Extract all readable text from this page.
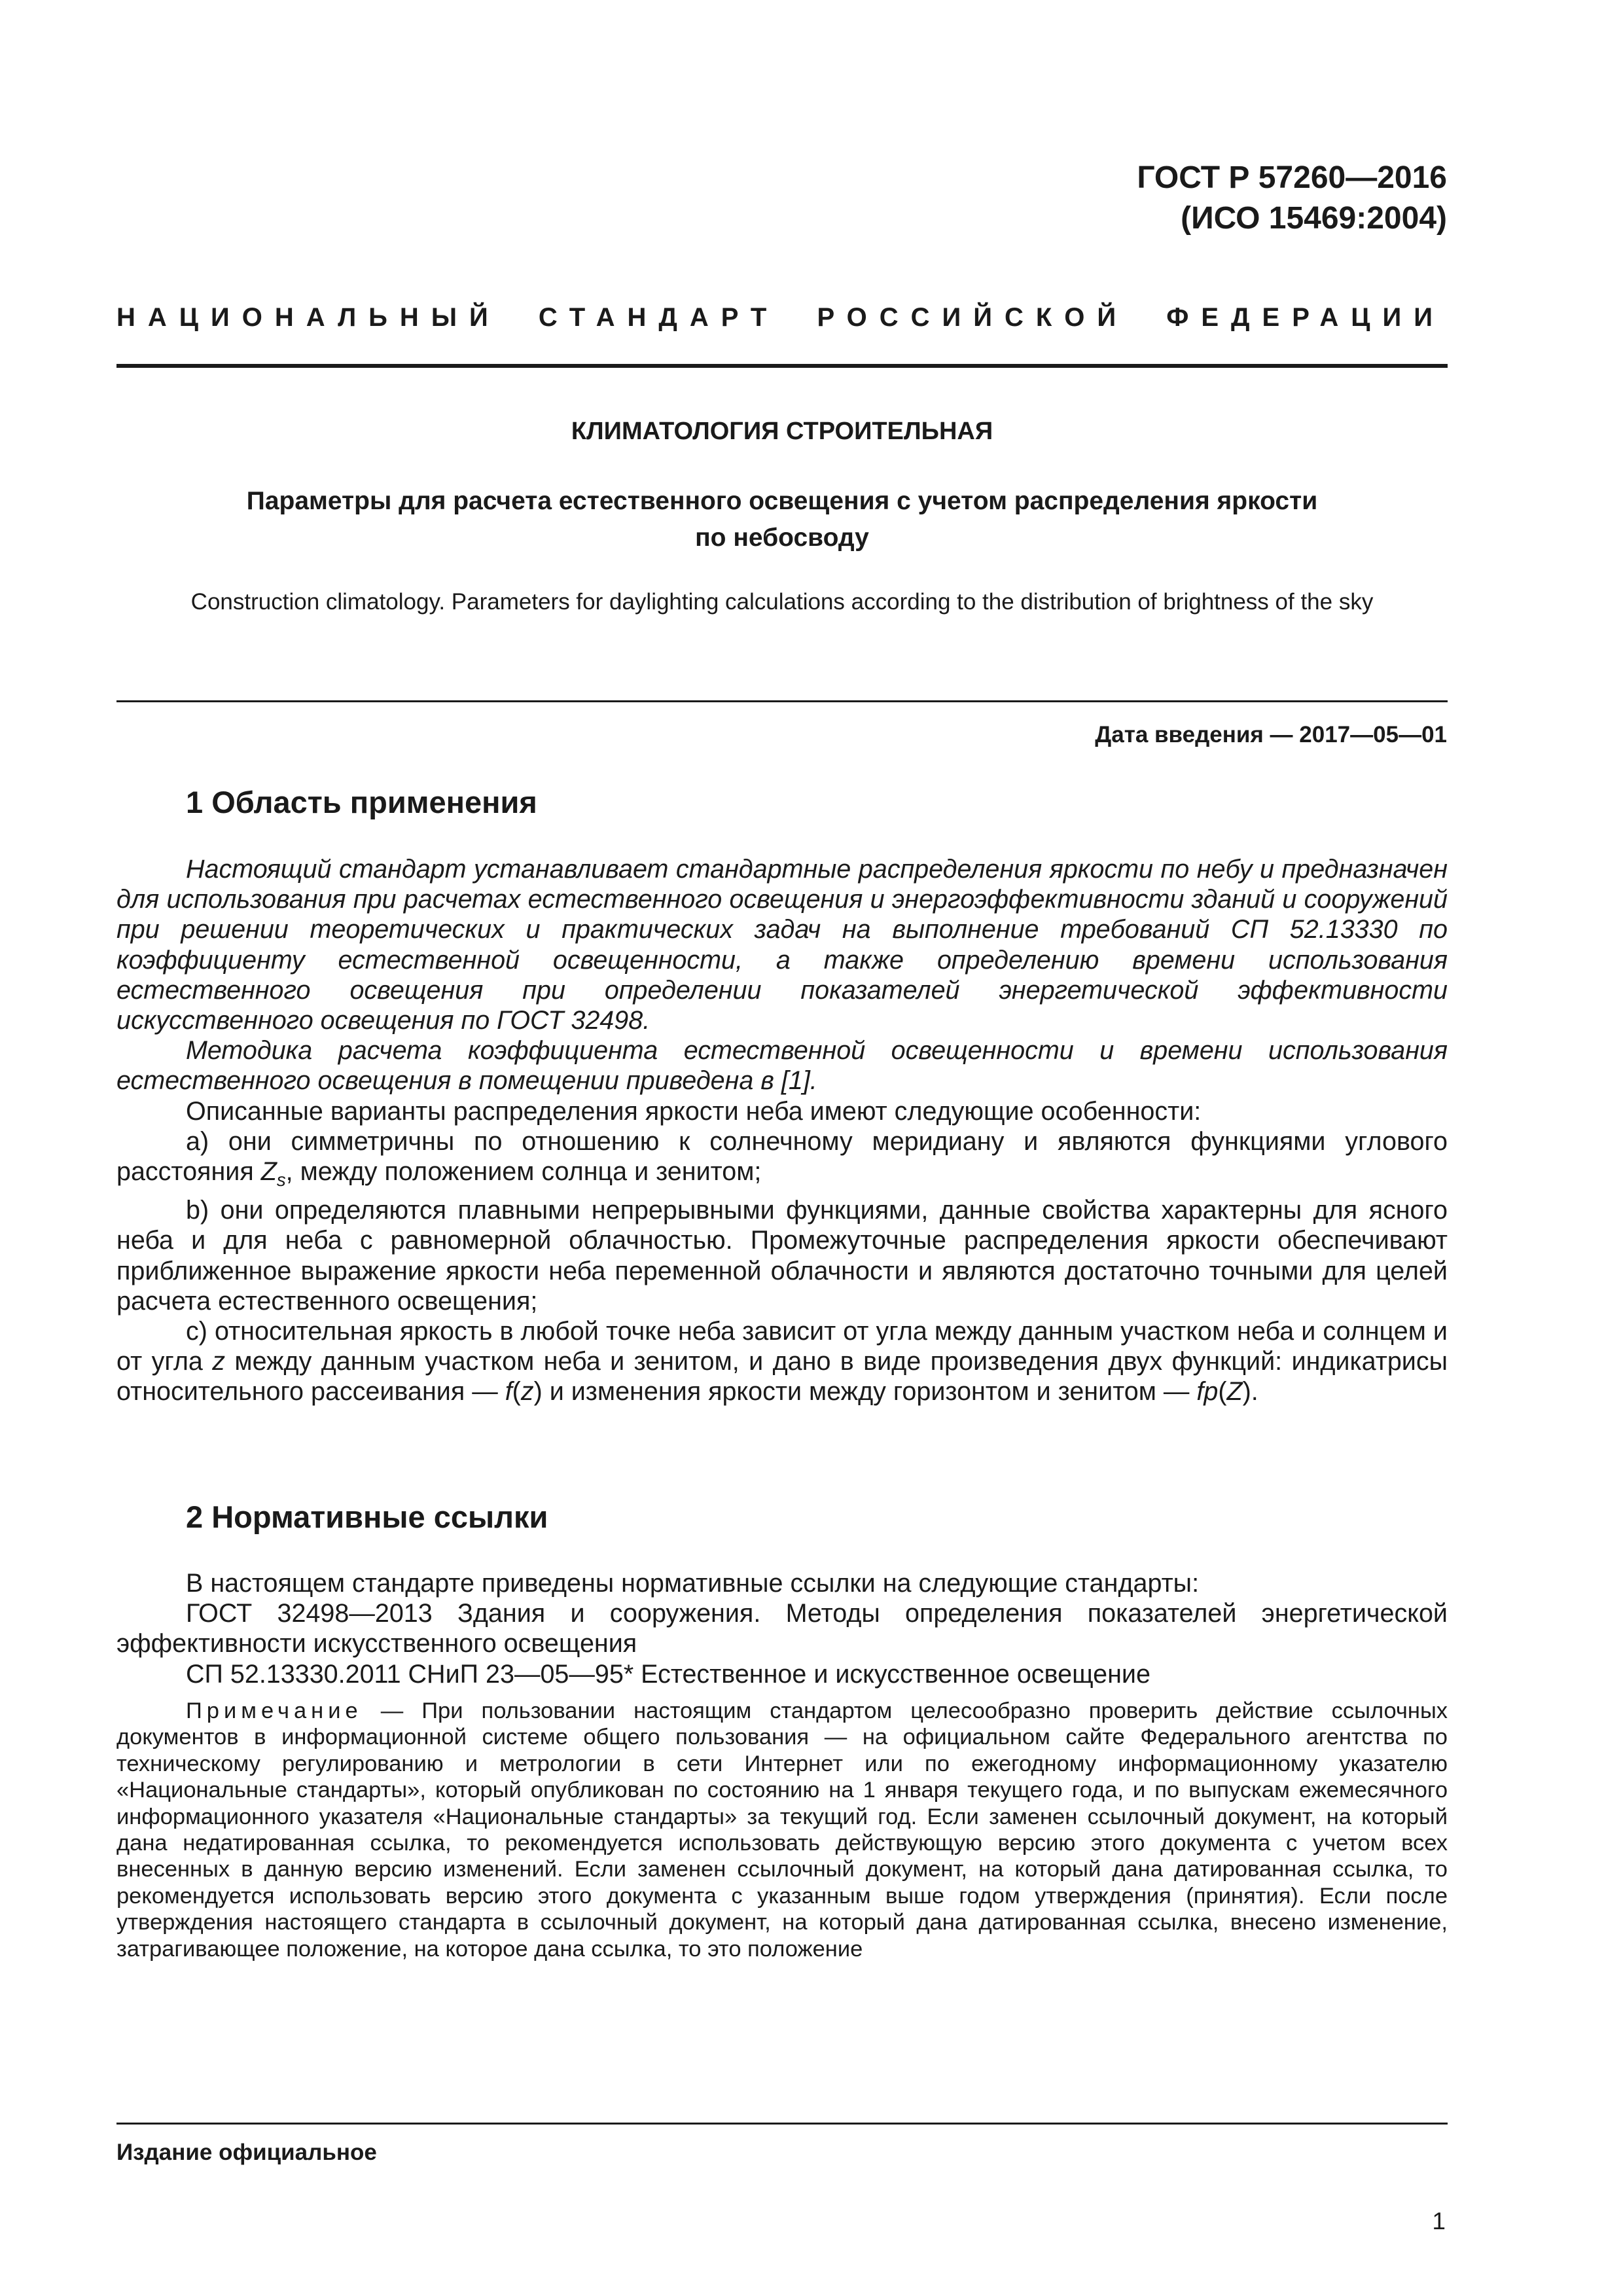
ГОСТ Р 57260—2016
(ИСО 15469:2004)
НАЦИОНАЛЬНЫЙ СТАНДАРТ РОССИЙСКОЙ ФЕДЕРАЦИИ
КЛИМАТОЛОГИЯ СТРОИТЕЛЬНАЯ
Параметры для расчета естественного освещения с учетом распределения яркости
по небосводу
Construction climatology. Parameters for daylighting calculations according to the distribution of brightness of the sky
Дата введения — 2017—05—01
1 Область применения

Настоящий стандарт устанавливает стандартные распределения яркости по небу и предназначен для использования при расчетах естественного освещения и энергоэффективности зданий и сооружений при решении теоретических и практических задач на выполнение требований СП 52.13330 по коэффициенту естественной освещенности, а также определению времени использования естественного освещения при определении показателей энергетической эффективности искусственного освещения по ГОСТ 32498.

Методика расчета коэффициента естественной освещенности и времени использования естественного освещения в помещении приведена в [1].

Описанные варианты распределения яркости неба имеют следующие особенности:

а) они симметричны по отношению к солнечному меридиану и являются функциями углового расстояния $Z_s$, между положением солнца и зенитом;

b) они определяются плавными непрерывными функциями, данные свойства характерны для ясного неба и для неба с равномерной облачностью. Промежуточные распределения яркости обеспечивают приближенное выражение яркости неба переменной облачности и являются достаточно точными для целей расчета естественного освещения;

с) относительная яркость в любой точке неба зависит от угла между данным участком неба и солнцем и от угла z между данным участком неба и зенитом, и дано в виде произведения двух функций: индикатрисы относительного рассеивания — f(z) и изменения яркости между горизонтом и зенитом — fp(Z).

2 Нормативные ссылки

В настоящем стандарте приведены нормативные ссылки на следующие стандарты:

ГОСТ 32498—2013 Здания и сооружения. Методы определения показателей энергетической эффективности искусственного освещения

СП 52.13330.2011 СНиП 23—05—95* Естественное и искусственное освещение

Примечание — При пользовании настоящим стандартом целесообразно проверить действие ссылочных документов в информационной системе общего пользования — на официальном сайте Федерального агентства по техническому регулированию и метрологии в сети Интернет или по ежегодному информационному указателю «Национальные стандарты», который опубликован по состоянию на 1 января текущего года, и по выпускам ежемесячного информационного указателя «Национальные стандарты» за текущий год. Если заменен ссылочный документ, на который дана недатированная ссылка, то рекомендуется использовать действующую версию этого документа с учетом всех внесенных в данную версию изменений. Если заменен ссылочный документ, на который дана датированная ссылка, то рекомендуется использовать версию этого документа с указанным выше годом утверждения (принятия). Если после утверждения настоящего стандарта в ссылочный документ, на который дана датированная ссылка, внесено изменение, затрагивающее положение, на которое дана ссылка, то это положение

Издание официальное
1
